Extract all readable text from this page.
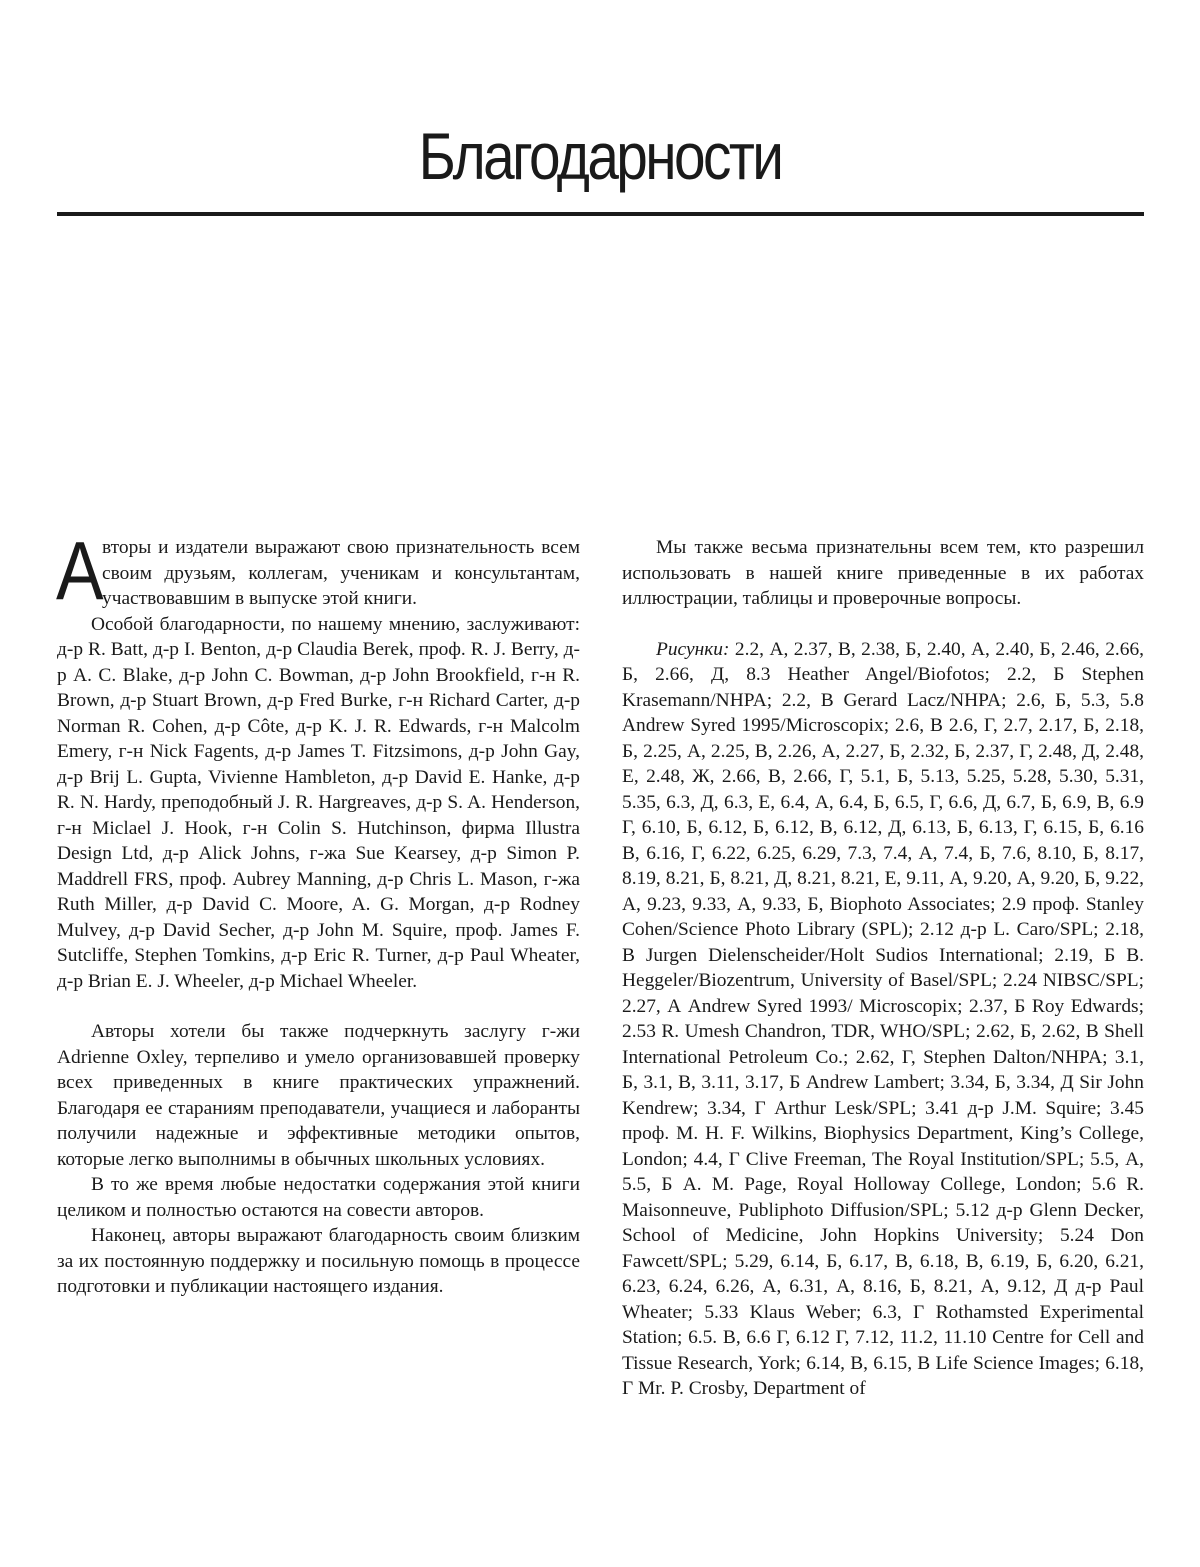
Благодарности

А
вторы и издатели выражают свою признательность всем своим друзьям, коллегам, ученикам и консультантам, участвовавшим в выпуске этой книги.

Особой благодарности, по нашему мнению, заслуживают: д-р R. Batt, д-р I. Benton, д-р Claudia Berek, проф. R. J. Berry, д-р A. C. Blake, д-р John C. Bowman, д-р John Brookfield, г-н R. Brown, д-р Stuart Brown, д-р Fred Burke, г-н Richard Carter, д-р Norman R. Cohen, д-р Côte, д-р K. J. R. Edwards, г-н Malcolm Emery, г-н Nick Fagents, д-р James T. Fitzsimons, д-р John Gay, д-р Brij L. Gupta, Vivienne Hambleton, д-р David E. Hanke, д-р R. N. Hardy, преподобный J. R. Hargreaves, д-р S. A. Henderson, г-н Miclael J. Hook, г-н Colin S. Hutchinson, фирма Illustra Design Ltd, д-р Alick Johns, г-жа Sue Kearsey, д-р Simon P. Maddrell FRS, проф. Aubrey Manning, д-р Chris L. Mason, г-жа Ruth Miller, д-р David C. Moore, A. G. Morgan, д-р Rodney Mulvey, д-р David Secher, д-р John M. Squire, проф. James F. Sutcliffe, Stephen Tomkins, д-р Eric R. Turner, д-р Paul Wheater, д-р Brian E. J. Wheeler, д-р Michael Wheeler.

Авторы хотели бы также подчеркнуть заслугу г-жи Adrienne Oxley, терпеливо и умело организовавшей проверку всех приведенных в книге практических упражнений. Благодаря ее стараниям преподаватели, учащиеся и лаборанты получили надежные и эффективные методики опытов, которые легко выполнимы в обычных школьных условиях.

В то же время любые недостатки содержания этой книги целиком и полностью остаются на совести авторов.

Наконец, авторы выражают благодарность своим близким за их постоянную поддержку и посильную помощь в процессе подготовки и публикации настоящего издания.

Мы также весьма признательны всем тем, кто разрешил использовать в нашей книге приведенные в их работах иллюстрации, таблицы и проверочные вопросы.

Рисунки: 2.2, А, 2.37, В, 2.38, Б, 2.40, А, 2.40, Б, 2.46, 2.66, Б, 2.66, Д, 8.3 Heather Angel/Biofotos; 2.2, Б Stephen Krasemann/NHPA; 2.2, В Gerard Lacz/NHPA; 2.6, Б, 5.3, 5.8 Andrew Syred 1995/Microscopix; 2.6, В 2.6, Г, 2.7, 2.17, Б, 2.18, Б, 2.25, А, 2.25, В, 2.26, А, 2.27, Б, 2.32, Б, 2.37, Г, 2.48, Д, 2.48, Е, 2.48, Ж, 2.66, В, 2.66, Г, 5.1, Б, 5.13, 5.25, 5.28, 5.30, 5.31, 5.35, 6.3, Д, 6.3, Е, 6.4, А, 6.4, Б, 6.5, Г, 6.6, Д, 6.7, Б, 6.9, В, 6.9 Г, 6.10, Б, 6.12, Б, 6.12, В, 6.12, Д, 6.13, Б, 6.13, Г, 6.15, Б, 6.16 В, 6.16, Г, 6.22, 6.25, 6.29, 7.3, 7.4, А, 7.4, Б, 7.6, 8.10, Б, 8.17, 8.19, 8.21, Б, 8.21, Д, 8.21, 8.21, Е, 9.11, А, 9.20, А, 9.20, Б, 9.22, А, 9.23, 9.33, А, 9.33, Б, Biophoto Associates; 2.9 проф. Stanley Cohen/Science Photo Library (SPL); 2.12 д-р L. Caro/SPL; 2.18, В Jurgen Dielenscheider/Holt Sudios International; 2.19, Б B. Heggeler/Biozentrum, University of Basel/SPL; 2.24 NIBSC/SPL; 2.27, А Andrew Syred 1993/ Microscopix; 2.37, Б Roy Edwards; 2.53 R. Umesh Chandron, TDR, WHO/SPL; 2.62, Б, 2.62, В Shell International Petroleum Co.; 2.62, Г, Stephen Dalton/NHPA; 3.1, Б, 3.1, В, 3.11, 3.17, Б Andrew Lambert; 3.34, Б, 3.34, Д Sir John Kendrew; 3.34, Г Arthur Lesk/SPL; 3.41 д-р J.M. Squire; 3.45 проф. M. H. F. Wilkins, Biophysics Department, King’s College, London; 4.4, Г Clive Freeman, The Royal Institution/SPL; 5.5, А, 5.5, Б A. M. Page, Royal Holloway College, London; 5.6 R. Maisonneuve, Publiphoto Diffusion/SPL; 5.12 д-р Glenn Decker, School of Medicine, John Hopkins University; 5.24 Don Fawcett/SPL; 5.29, 6.14, Б, 6.17, В, 6.18, В, 6.19, Б, 6.20, 6.21, 6.23, 6.24, 6.26, А, 6.31, А, 8.16, Б, 8.21, А, 9.12, Д д-р Paul Wheater; 5.33 Klaus Weber; 6.3, Г Rothamsted Experimental Station; 6.5. В, 6.6 Г, 6.12 Г, 7.12, 11.2, 11.10 Centre for Cell and Tissue Research, York; 6.14, В, 6.15, В Life Science Images; 6.18, Г Mr. P. Crosby, Department of
